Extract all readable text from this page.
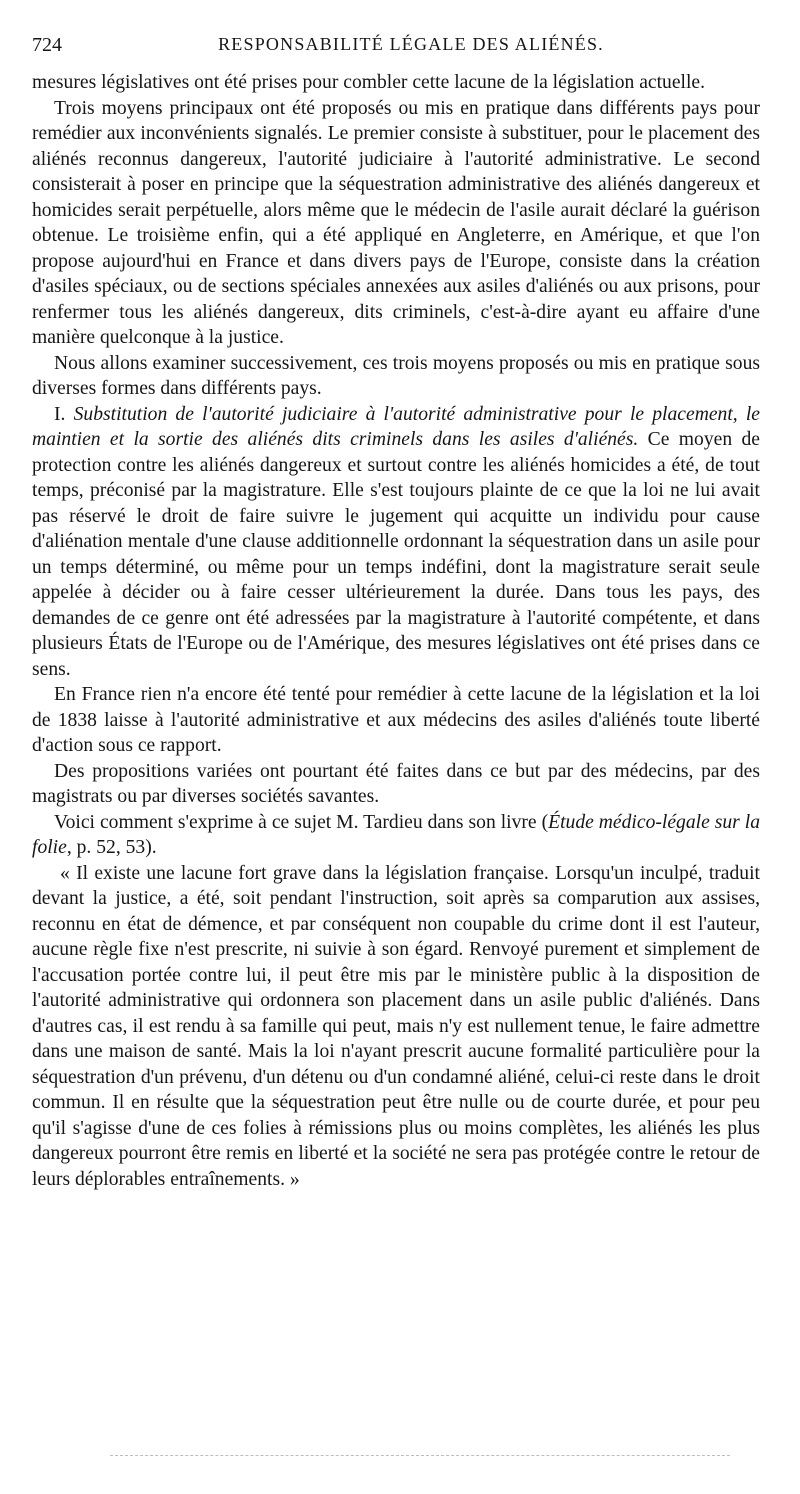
724	RESPONSABILITÉ LÉGALE DES ALIÉNÉS.

mesures législatives ont été prises pour combler cette lacune de la législation actuelle.

Trois moyens principaux ont été proposés ou mis en pratique dans différents pays pour remédier aux inconvénients signalés. Le premier consiste à substituer, pour le placement des aliénés reconnus dangereux, l'autorité judiciaire à l'autorité administrative. Le second consisterait à poser en principe que la séquestration administrative des aliénés dangereux et homicides serait perpétuelle, alors même que le médecin de l'asile aurait déclaré la guérison obtenue. Le troisième enfin, qui a été appliqué en Angleterre, en Amérique, et que l'on propose aujourd'hui en France et dans divers pays de l'Europe, consiste dans la création d'asiles spéciaux, ou de sections spéciales annexées aux asiles d'aliénés ou aux prisons, pour renfermer tous les aliénés dangereux, dits criminels, c'est-à-dire ayant eu affaire d'une manière quelconque à la justice.

Nous allons examiner successivement, ces trois moyens proposés ou mis en pratique sous diverses formes dans différents pays.

I. Substitution de l'autorité judiciaire à l'autorité administrative pour le placement, le maintien et la sortie des aliénés dits criminels dans les asiles d'aliénés. Ce moyen de protection contre les aliénés dangereux et surtout contre les aliénés homicides a été, de tout temps, préconisé par la magistrature. Elle s'est toujours plainte de ce que la loi ne lui avait pas réservé le droit de faire suivre le jugement qui acquitte un individu pour cause d'aliénation mentale d'une clause additionnelle ordonnant la séquestration dans un asile pour un temps déterminé, ou même pour un temps indéfini, dont la magistrature serait seule appelée à décider ou à faire cesser ultérieurement la durée. Dans tous les pays, des demandes de ce genre ont été adressées par la magistrature à l'autorité compétente, et dans plusieurs États de l'Europe ou de l'Amérique, des mesures législatives ont été prises dans ce sens.

En France rien n'a encore été tenté pour remédier à cette lacune de la législation et la loi de 1838 laisse à l'autorité administrative et aux médecins des asiles d'aliénés toute liberté d'action sous ce rapport.

Des propositions variées ont pourtant été faites dans ce but par des médecins, par des magistrats ou par diverses sociétés savantes.

Voici comment s'exprime à ce sujet M. Tardieu dans son livre (Étude médico-légale sur la folie, p. 52, 53).

« Il existe une lacune fort grave dans la législation française. Lorsqu'un inculpé, traduit devant la justice, a été, soit pendant l'instruction, soit après sa comparution aux assises, reconnu en état de démence, et par conséquent non coupable du crime dont il est l'auteur, aucune règle fixe n'est prescrite, ni suivie à son égard. Renvoyé purement et simplement de l'accusation portée contre lui, il peut être mis par le ministère public à la disposition de l'autorité administrative qui ordonnera son placement dans un asile public d'aliénés. Dans d'autres cas, il est rendu à sa famille qui peut, mais n'y est nullement tenue, le faire admettre dans une maison de santé. Mais la loi n'ayant prescrit aucune formalité particulière pour la séquestration d'un prévenu, d'un détenu ou d'un condamné aliéné, celui-ci reste dans le droit commun. Il en résulte que la séquestration peut être nulle ou de courte durée, et pour peu qu'il s'agisse d'une de ces folies à rémissions plus ou moins complètes, les aliénés les plus dangereux pourront être remis en liberté et la société ne sera pas protégée contre le retour de leurs déplorables entraînements. »
